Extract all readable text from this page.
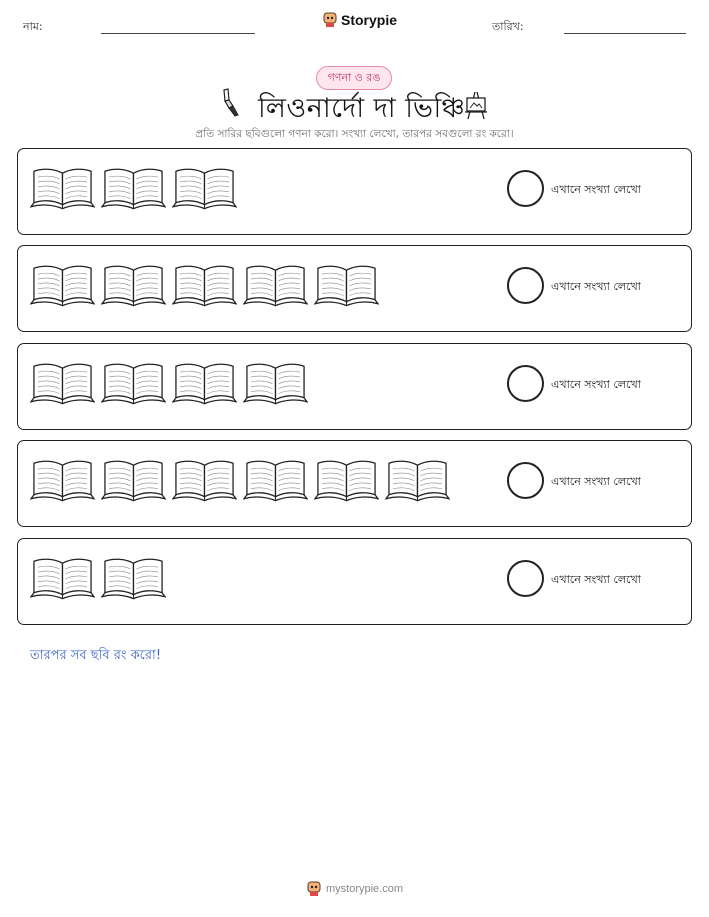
নাম:	Storypie	তারিখ:
গণনা ও রঙ
লিওনার্দো দা ভিঞ্চি
প্রতি সারির ছবিগুলো গণনা করো। সংখ্যা লেখো, তারপর সবগুলো রং করো।
এখানে সংখ্যা লেখো
এখানে সংখ্যা লেখো
এখানে সংখ্যা লেখো
এখানে সংখ্যা লেখো
এখানে সংখ্যা লেখো
তারপর সব ছবি রং করো!
mystorypie.com
